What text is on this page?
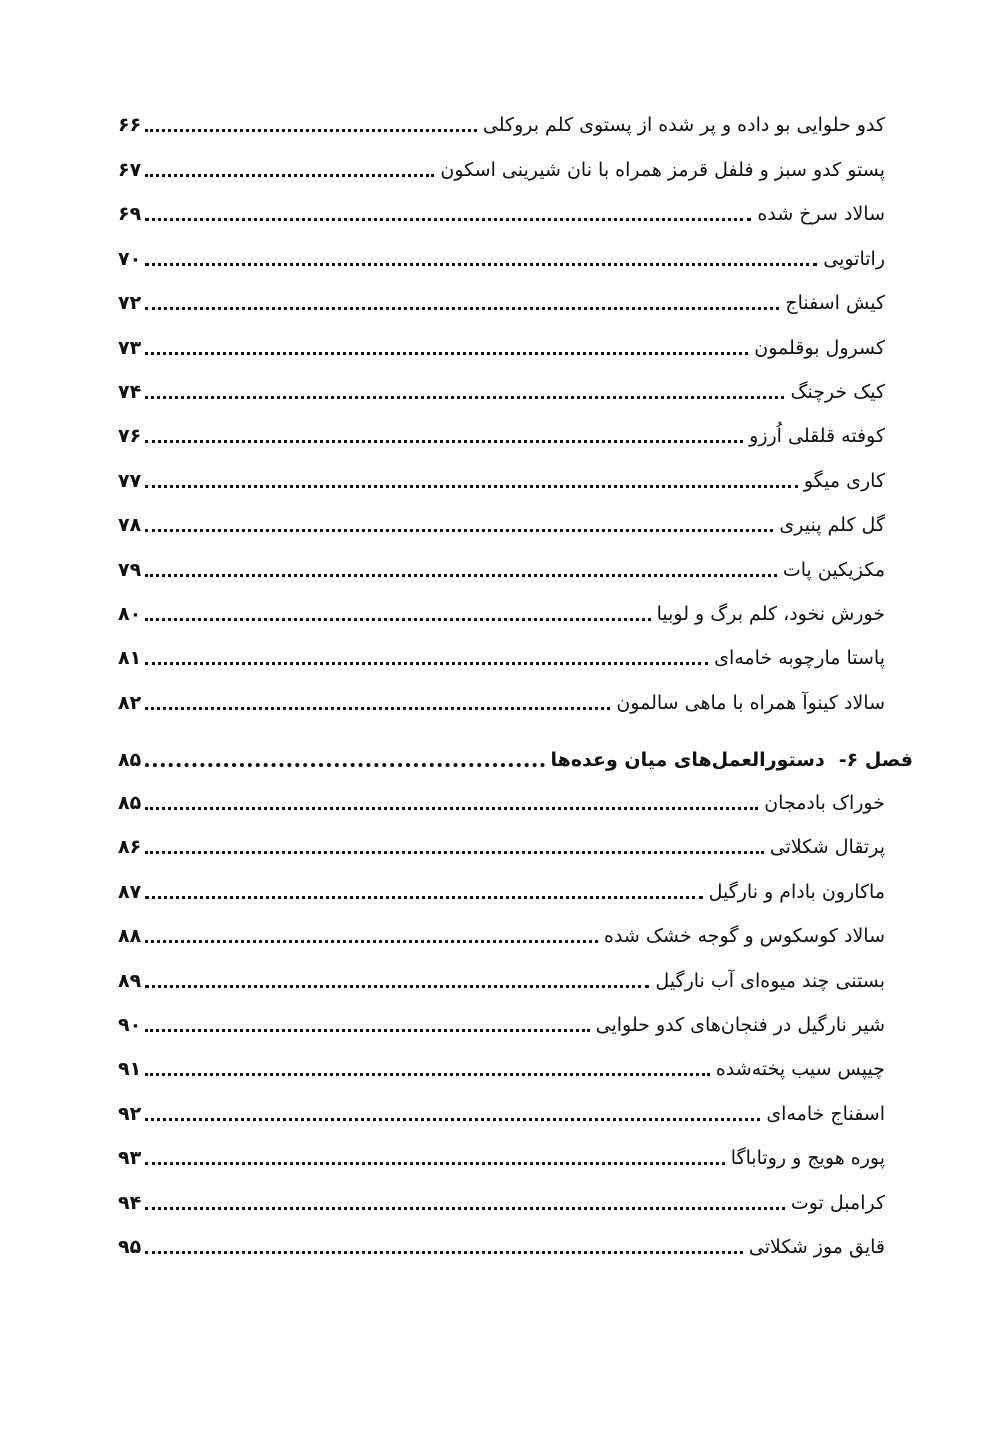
کدو حلوایی بو داده و پر شده از پستوی کلم بروکلی
۶۶
پستو کدو سبز و فلفل قرمز همراه با نان شیرینی اسکون
۶۷
سالاد سرخ شده
۶۹
راتاتویی
۷۰
کیش اسفناج
۷۲
کسرول بوقلمون
۷۳
کیک خرچنگ
۷۴
کوفته قلقلی اُرزو
۷۶
کاری میگو
۷۷
گل کلم پنیری
۷۸
مکزیکین پات
۷۹
خورش نخود، کلم برگ و لوبیا
۸۰
پاستا مارچوبه خامه‌ای
۸۱
سالاد کینوآ همراه با ماهی سالمون
۸۲
فصل ۶-
دستورالعمل‌های میان وعده‌ها
۸۵
خوراک بادمجان
۸۵
پرتقال شکلاتی
۸۶
ماکارون بادام و نارگیل
۸۷
سالاد کوسکوس و گوجه خشک شده
۸۸
بستنی چند میوه‌ای آب نارگیل
۸۹
شیر نارگیل در فنجان‌های کدو حلوایی
۹۰
چیپس سیب پخته‌شده
۹۱
اسفناج خامه‌ای
۹۲
پوره هویج و روتاباگا
۹۳
کرامبل توت
۹۴
قایق موز شکلاتی
۹۵
